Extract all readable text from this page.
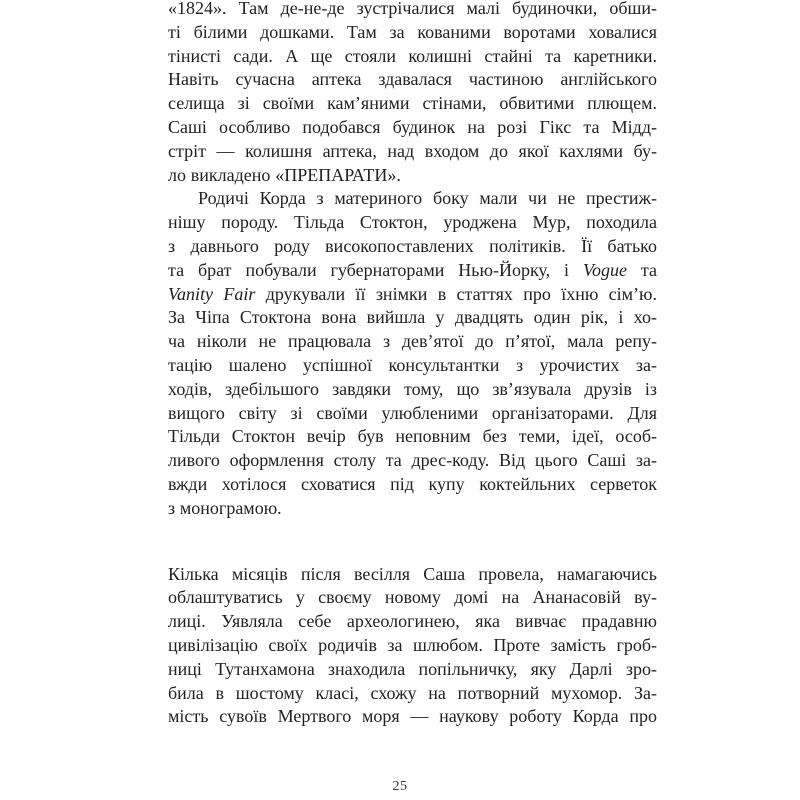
«1824». Там де-не-де зустрічалися малі будиночки, обши-
ті білими дошками. Там за кованими воротами ховалися
тінисті сади. А ще стояли колишні стайні та каретники.
Навіть сучасна аптека здавалася частиною англійського
селища зі своїми кам’яними стінами, обвитими плющем.
Саші особливо подобався будинок на розі Гікс та Мідд-
стріт — колишня аптека, над входом до якої кахлями бу-
ло викладено «ПРЕПАРАТИ».

Родичі Корда з материного боку мали чи не престиж-
нішу породу. Тільда Стоктон, уроджена Мур, походила
з давнього роду високопоставлених політиків. Її батько
та брат побували губернаторами Нью-Йорку, і Vogue та
Vanity Fair друкували її знімки в статтях про їхню сім’ю.
За Чіпа Стоктона вона вийшла у двадцять один рік, і хо-
ча ніколи не працювала з дев’ятої до п’ятої, мала репу-
тацію шалено успішної консультантки з урочистих за-
ходів, здебільшого завдяки тому, що зв’язувала друзів із
вищого світу зі своїми улюбленими організаторами. Для
Тільди Стоктон вечір був неповним без теми, ідеї, особ-
ливого оформлення столу та дрес-коду. Від цього Саші за-
вжди хотілося сховатися під купу коктейльних серветок
з монограмою.

Кілька місяців після весілля Саша провела, намагаючись
облаштуватись у своєму новому домі на Ананасовій ву-
лиці. Уявляла себе археологинею, яка вивчає прадавню
цивілізацію своїх родичів за шлюбом. Проте замість гроб-
ниці Тутанхамона знаходила попільничку, яку Дарлі зро-
била в шостому класі, схожу на потворний мухомор. За-
мість сувоїв Мертвого моря — наукову роботу Корда про

25
